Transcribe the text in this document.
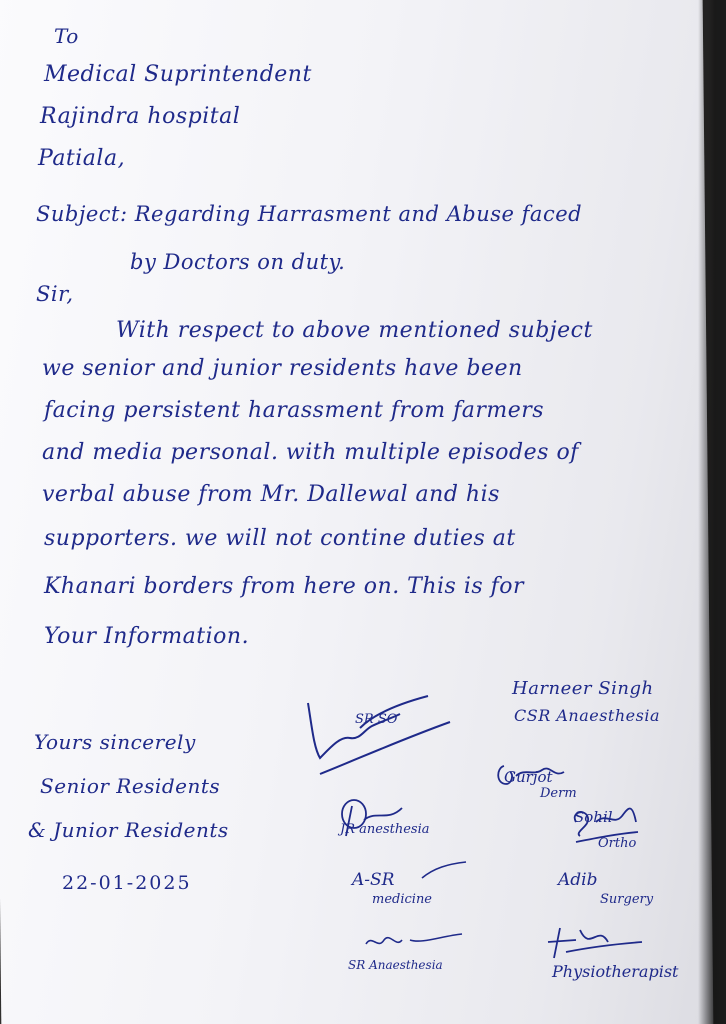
To
Medical Suprintendent
Rajindra hospital
Patiala,
Subject: Regarding Harrasment and Abuse faced
by Doctors on duty.
Sir,
With respect to above mentioned subject
we senior and junior residents have been
facing persistent harassment from farmers
and media personal. with multiple episodes of
verbal abuse from Mr. Dallewal and his
supporters. we will not contine duties at
Khanari borders from here on. This is for
Your Information.
Yours sincerely
Senior Residents
& Junior Residents
22-01-2025
Harneer Singh
CSR Anaesthesia
SR SO
Gurjot
Derm
JR anesthesia
Sohil
Ortho
A-SR
medicine
Adib
Surgery
SR Anaesthesia	Physiotherapist
